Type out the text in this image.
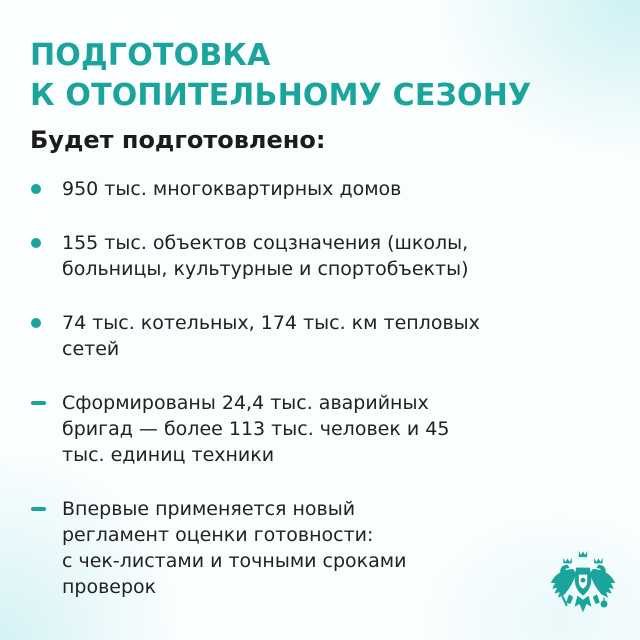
ПОДГОТОВКА
К ОТОПИТЕЛЬНОМУ СЕЗОНУ
Будет подготовлено:
950 тыс. многоквартирных домов
155 тыс. объектов соцзначения (школы,
больницы, культурные и спортобъекты)
74 тыс. котельных, 174 тыс. км тепловых
сетей
Сформированы 24,4 тыс. аварийных
бригад — более 113 тыс. человек и 45
тыс. единиц техники
Впервые применяется новый
регламент оценки готовности:
с чек-листами и точными сроками
проверок
